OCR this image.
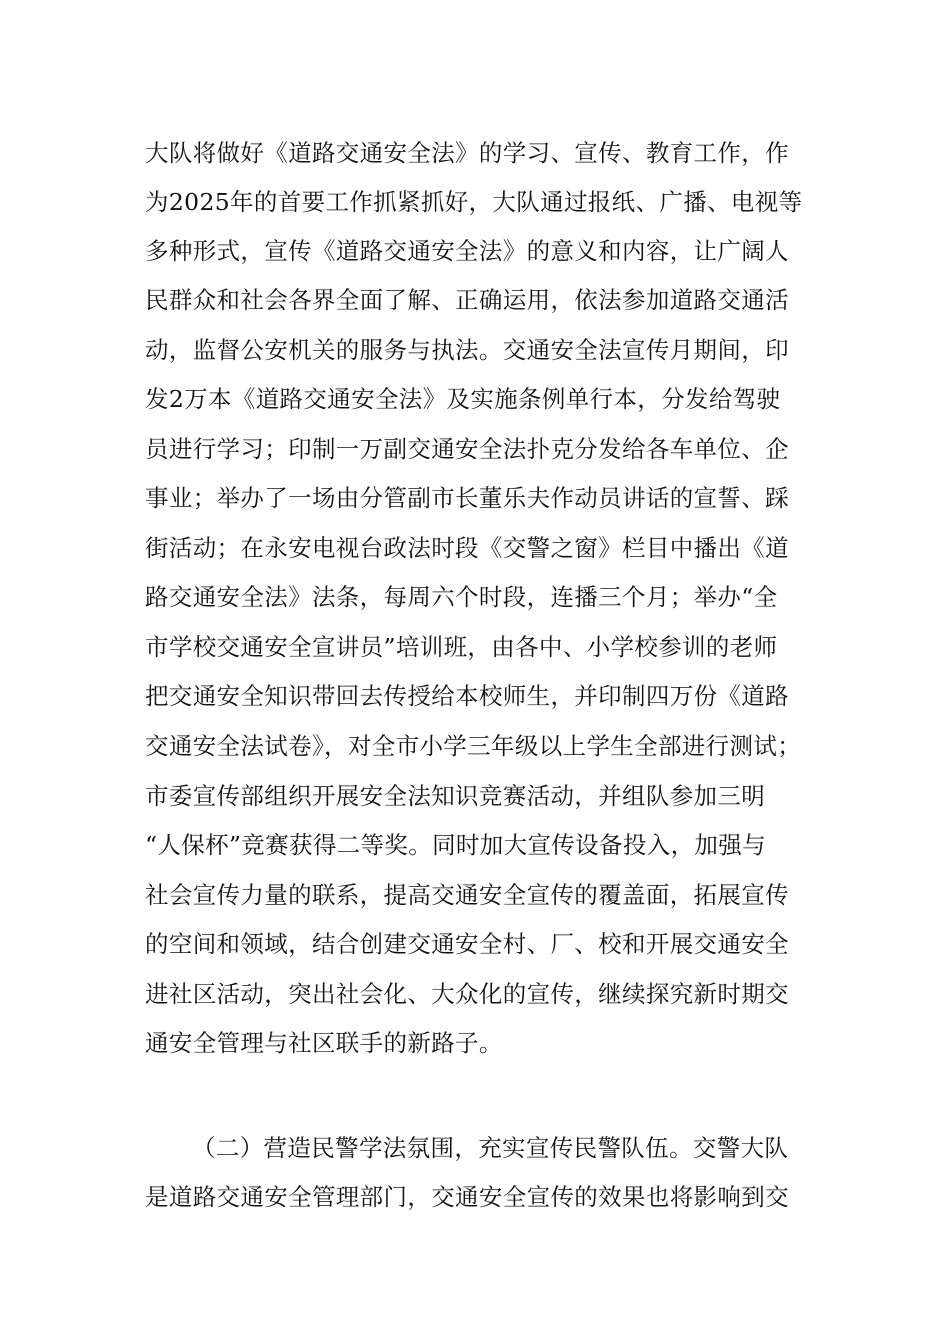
大队将做好《道路交通安全法》的学习、宣传、教育工作，作
为2025年的首要工作抓紧抓好，大队通过报纸、广播、电视等
多种形式，宣传《道路交通安全法》的意义和内容，让广阔人
民群众和社会各界全面了解、正确运用，依法参加道路交通活
动，监督公安机关的服务与执法。交通安全法宣传月期间，印
发2万本《道路交通安全法》及实施条例单行本，分发给驾驶
员进行学习；印制一万副交通安全法扑克分发给各车单位、企
事业；举办了一场由分管副市长董乐夫作动员讲话的宣誓、踩
街活动；在永安电视台政法时段《交警之窗》栏目中播出《道
路交通安全法》法条，每周六个时段，连播三个月；举办“全
市学校交通安全宣讲员”培训班，由各中、小学校参训的老师
把交通安全知识带回去传授给本校师生，并印制四万份《道路
交通安全法试卷》，对全市小学三年级以上学生全部进行测试；
市委宣传部组织开展安全法知识竞赛活动，并组队参加三明
“人保杯”竞赛获得二等奖。同时加大宣传设备投入，加强与
社会宣传力量的联系，提高交通安全宣传的覆盖面，拓展宣传
的空间和领域，结合创建交通安全村、厂、校和开展交通安全
进社区活动，突出社会化、大众化的宣传，继续探究新时期交
通安全管理与社区联手的新路子。
（二）营造民警学法氛围，充实宣传民警队伍。交警大队
是道路交通安全管理部门，交通安全宣传的效果也将影响到交
